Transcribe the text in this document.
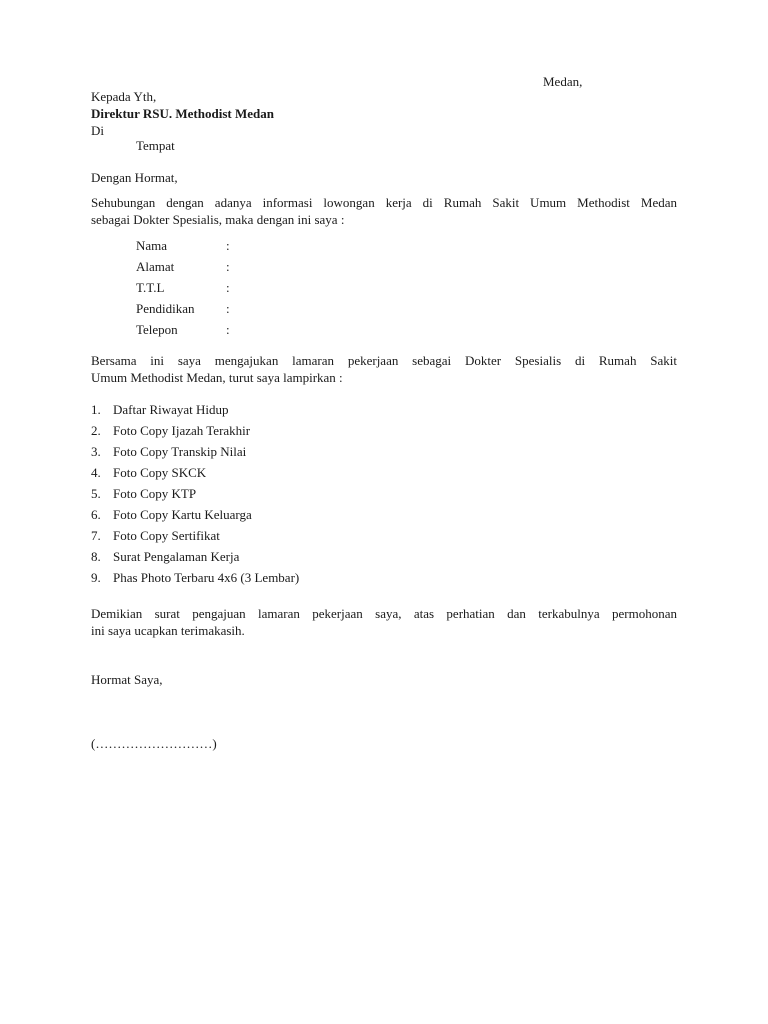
Medan,
Kepada Yth,
Direktur RSU. Methodist Medan
Di
Tempat
Dengan Hormat,
Sehubungan dengan adanya informasi lowongan kerja di Rumah Sakit Umum Methodist Medan
sebagai Dokter Spesialis, maka dengan ini saya :
Nama	:
Alamat	:
T.T.L	:
Pendidikan :
Telepon	:
Bersama ini saya mengajukan lamaran pekerjaan sebagai Dokter Spesialis di Rumah Sakit
Umum Methodist Medan, turut saya lampirkan :
1. Daftar Riwayat Hidup
2. Foto Copy Ijazah Terakhir
3. Foto Copy Transkip Nilai
4. Foto Copy SKCK
5. Foto Copy KTP
6. Foto Copy Kartu Keluarga
7. Foto Copy Sertifikat
8. Surat Pengalaman Kerja
9. Phas Photo Terbaru 4x6 (3 Lembar)
Demikian surat pengajuan lamaran pekerjaan saya, atas perhatian dan terkabulnya permohonan
ini saya ucapkan terimakasih.
Hormat Saya,
(………………………)
